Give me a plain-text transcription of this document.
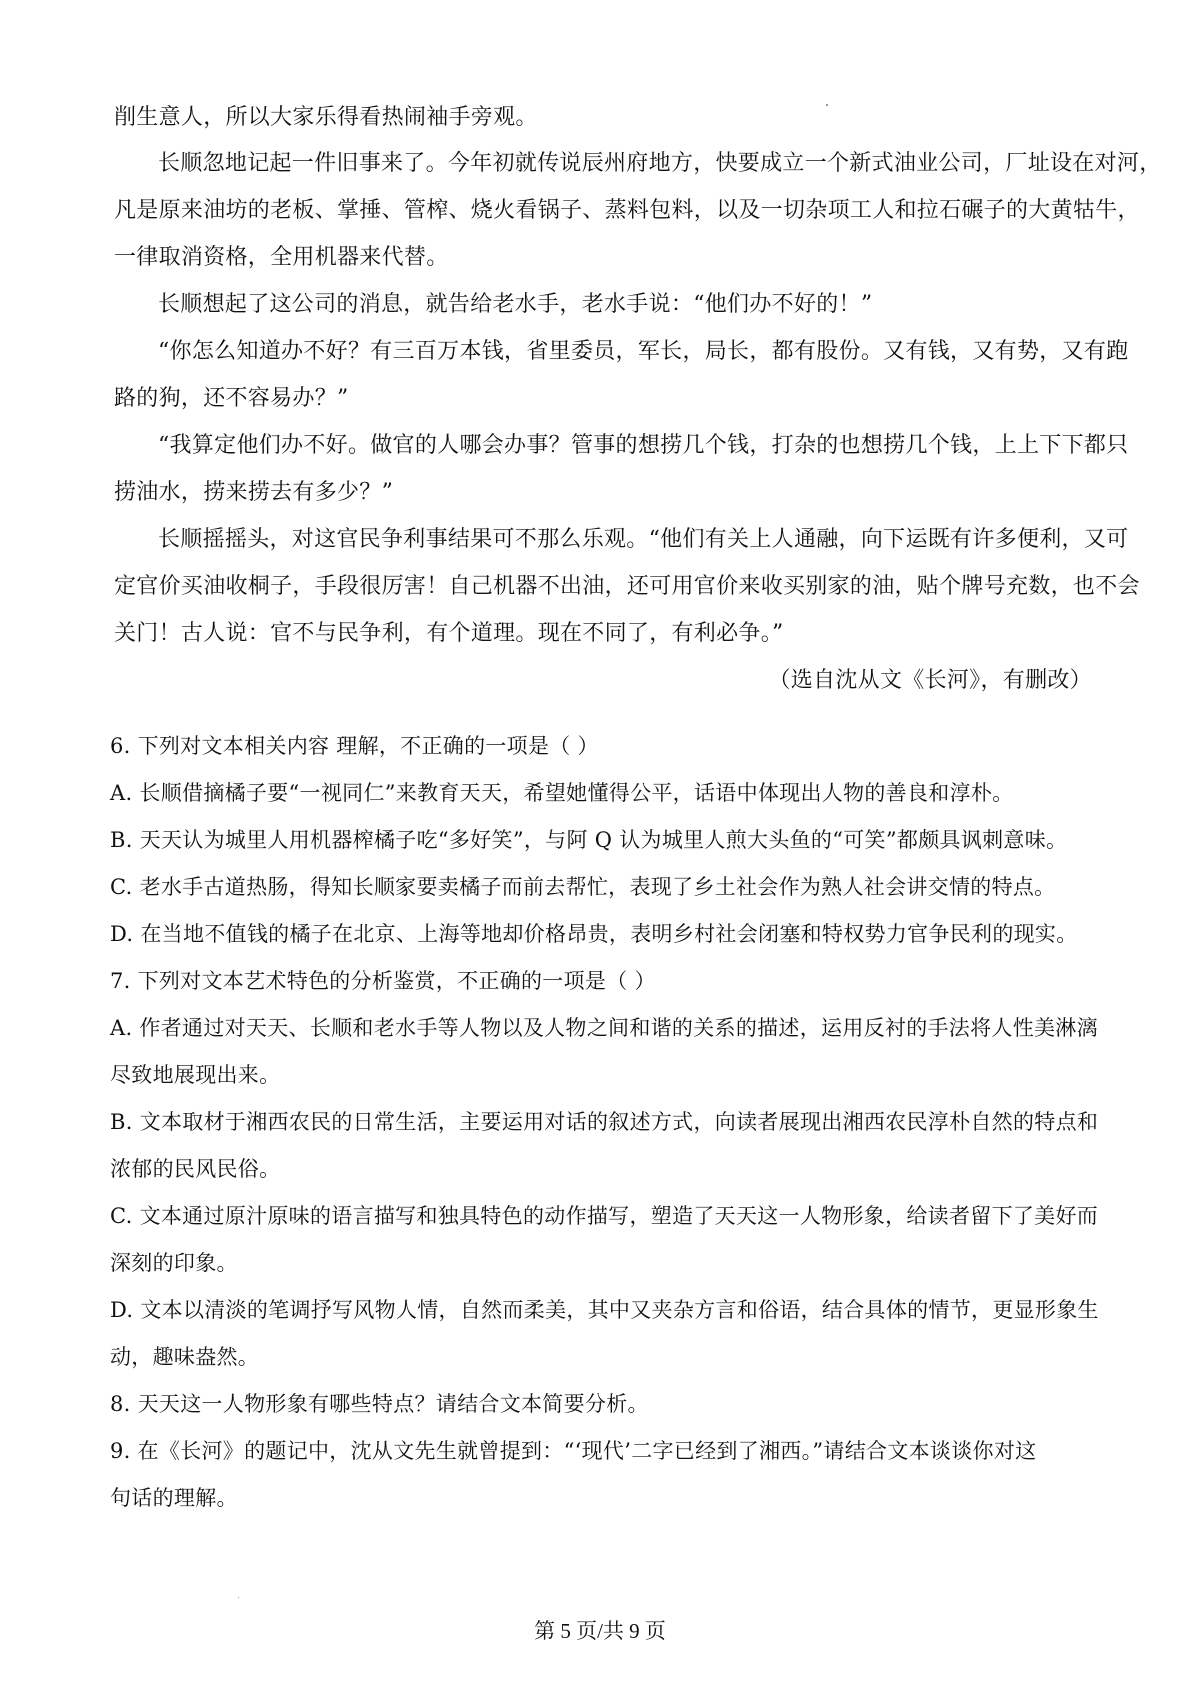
削生意人，所以大家乐得看热闹袖手旁观。
长顺忽地记起一件旧事来了。今年初就传说辰州府地方，快要成立一个新式油业公司，厂址设在对河，
凡是原来油坊的老板、掌捶、管榨、烧火看锅子、蒸料包料，以及一切杂项工人和拉石碾子的大黄牯牛，
一律取消资格，全用机器来代替。
长顺想起了这公司的消息，就告给老水手，老水手说：“他们办不好的！”
“你怎么知道办不好？有三百万本钱，省里委员，军长，局长，都有股份。又有钱，又有势，又有跑
路的狗，还不容易办？”
“我算定他们办不好。做官的人哪会办事？管事的想捞几个钱，打杂的也想捞几个钱，上上下下都只
捞油水，捞来捞去有多少？”
长顺摇摇头，对这官民争利事结果可不那么乐观。“他们有关上人通融，向下运既有许多便利，又可
定官价买油收桐子，手段很厉害！自己机器不出油，还可用官价来收买别家的油，贴个牌号充数，也不会
关门！古人说：官不与民争利，有个道理。现在不同了，有利必争。”
（选自沈从文《长河》，有删改）
6. 下列对文本相关内容 理解，不正确的一项是（ ）
A. 长顺借摘橘子要“一视同仁”来教育天天，希望她懂得公平，话语中体现出人物的善良和淳朴。
B. 天天认为城里人用机器榨橘子吃“多好笑”，与阿 Q 认为城里人煎大头鱼的“可笑”都颇具讽刺意味。
C. 老水手古道热肠，得知长顺家要卖橘子而前去帮忙，表现了乡土社会作为熟人社会讲交情的特点。
D. 在当地不值钱的橘子在北京、上海等地却价格昂贵，表明乡村社会闭塞和特权势力官争民利的现实。
7. 下列对文本艺术特色的分析鉴赏，不正确的一项是（ ）
A. 作者通过对天天、长顺和老水手等人物以及人物之间和谐的关系的描述，运用反衬的手法将人性美淋漓
尽致地展现出来。
B. 文本取材于湘西农民的日常生活，主要运用对话的叙述方式，向读者展现出湘西农民淳朴自然的特点和
浓郁的民风民俗。
C. 文本通过原汁原味的语言描写和独具特色的动作描写，塑造了天天这一人物形象，给读者留下了美好而
深刻的印象。
D. 文本以清淡的笔调抒写风物人情，自然而柔美，其中又夹杂方言和俗语，结合具体的情节，更显形象生
动，趣味盎然。
8. 天天这一人物形象有哪些特点？请结合文本简要分析。
9. 在《长河》的题记中，沈从文先生就曾提到：“‘现代’二字已经到了湘西。”请结合文本谈谈你对这
句话的理解。
第 5 页/共 9 页
